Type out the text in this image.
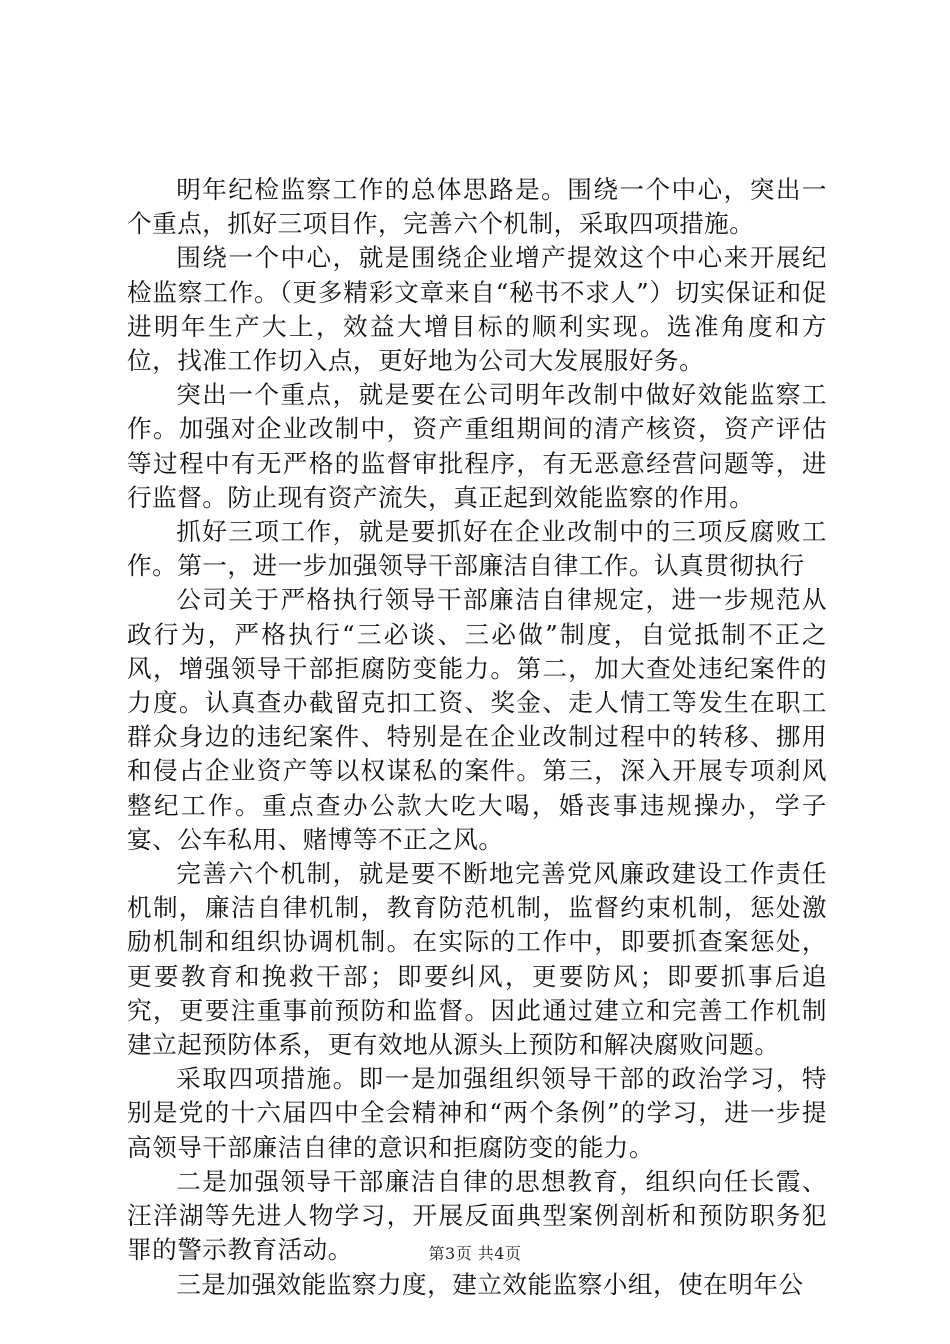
明年纪检监察工作的总体思路是。围绕一个中心，突出一个重点，抓好三项目作，完善六个机制，采取四项措施。

围绕一个中心，就是围绕企业增产提效这个中心来开展纪检监察工作。（更多精彩文章来自“秘书不求人”）切实保证和促进明年生产大上，效益大增目标的顺利实现。选准角度和方位，找准工作切入点，更好地为公司大发展服好务。

突出一个重点，就是要在公司明年改制中做好效能监察工作。加强对企业改制中，资产重组期间的清产核资，资产评估等过程中有无严格的监督审批程序，有无恶意经营问题等，进行监督。防止现有资产流失，真正起到效能监察的作用。

抓好三项工作，就是要抓好在企业改制中的三项反腐败工作。第一，进一步加强领导干部廉洁自律工作。认真贯彻执行

公司关于严格执行领导干部廉洁自律规定，进一步规范从政行为，严格执行“三必谈、三必做”制度，自觉抵制不正之风，增强领导干部拒腐防变能力。第二，加大查处违纪案件的力度。认真查办截留克扣工资、奖金、走人情工等发生在职工群众身边的违纪案件、特别是在企业改制过程中的转移、挪用和侵占企业资产等以权谋私的案件。第三，深入开展专项刹风整纪工作。重点查办公款大吃大喝，婚丧事违规操办，学子宴、公车私用、赌博等不正之风。

完善六个机制，就是要不断地完善党风廉政建设工作责任机制，廉洁自律机制，教育防范机制，监督约束机制，惩处激励机制和组织协调机制。在实际的工作中，即要抓查案惩处，更要教育和挽救干部；即要纠风，更要防风；即要抓事后追究，更要注重事前预防和监督。因此通过建立和完善工作机制建立起预防体系，更有效地从源头上预防和解决腐败问题。

采取四项措施。即一是加强组织领导干部的政治学习，特别是党的十六届四中全会精神和“两个条例”的学习，进一步提高领导干部廉洁自律的意识和拒腐防变的能力。

二是加强领导干部廉洁自律的思想教育，组织向任长霞、汪洋湖等先进人物学习，开展反面典型案例剖析和预防职务犯罪的警示教育活动。

三是加强效能监察力度，建立效能监察小组，使在明年公

第3页 共4页
